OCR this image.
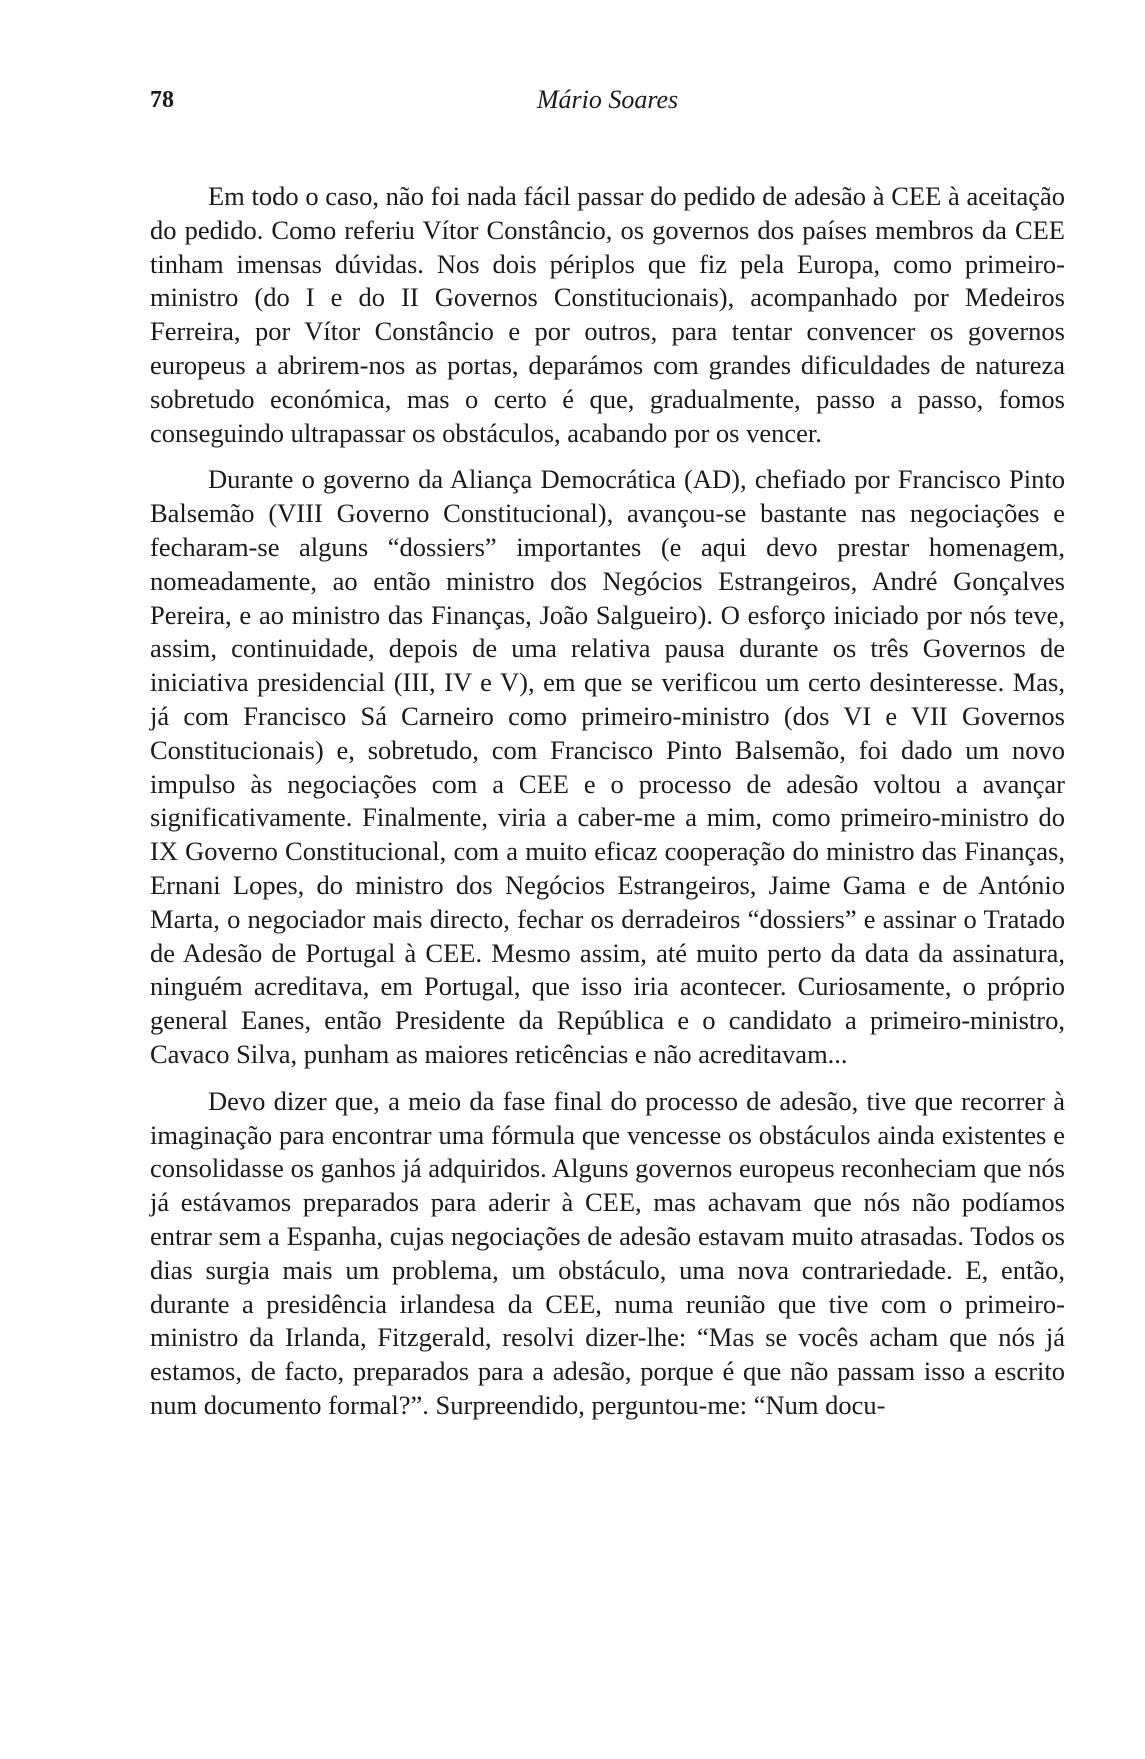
78	Mário Soares

Em todo o caso, não foi nada fácil passar do pedido de adesão à CEE à aceitação do pedido. Como referiu Vítor Constâncio, os governos dos países membros da CEE tinham imensas dúvidas. Nos dois périplos que fiz pela Europa, como primeiro-ministro (do I e do II Governos Constitucionais), acompanhado por Medeiros Ferreira, por Vítor Constâncio e por outros, para tentar convencer os governos europeus a abrirem-nos as portas, deparámos com grandes dificuldades de natureza sobretudo económica, mas o certo é que, gradualmente, passo a passo, fomos conseguindo ultrapassar os obstáculos, acabando por os vencer.

Durante o governo da Aliança Democrática (AD), chefiado por Francisco Pinto Balsemão (VIII Governo Constitucional), avançou-se bastante nas negociações e fecharam-se alguns “dossiers” importantes (e aqui devo prestar homenagem, nomeadamente, ao então ministro dos Negócios Estrangeiros, André Gonçalves Pereira, e ao ministro das Finanças, João Salgueiro). O esforço iniciado por nós teve, assim, continuidade, depois de uma relativa pausa durante os três Governos de iniciativa presidencial (III, IV e V), em que se verificou um certo desinteresse. Mas, já com Francisco Sá Carneiro como primeiro-ministro (dos VI e VII Governos Constitucionais) e, sobretudo, com Francisco Pinto Balsemão, foi dado um novo impulso às negociações com a CEE e o processo de adesão voltou a avançar significativamente. Finalmente, viria a caber-me a mim, como primeiro-ministro do IX Governo Constitucional, com a muito eficaz cooperação do ministro das Finanças, Ernani Lopes, do ministro dos Negócios Estrangeiros, Jaime Gama e de António Marta, o negociador mais directo, fechar os derradeiros “dossiers” e assinar o Tratado de Adesão de Portugal à CEE. Mesmo assim, até muito perto da data da assinatura, ninguém acreditava, em Portugal, que isso iria acontecer. Curiosamente, o próprio general Eanes, então Presidente da República e o candidato a primeiro-ministro, Cavaco Silva, punham as maiores reticências e não acreditavam...

Devo dizer que, a meio da fase final do processo de adesão, tive que recorrer à imaginação para encontrar uma fórmula que vencesse os obstáculos ainda existentes e consolidasse os ganhos já adquiridos. Alguns governos europeus reconheciam que nós já estávamos preparados para aderir à CEE, mas achavam que nós não podíamos entrar sem a Espanha, cujas negociações de adesão estavam muito atrasadas. Todos os dias surgia mais um problema, um obstáculo, uma nova contrariedade. E, então, durante a presidência irlandesa da CEE, numa reunião que tive com o primeiro-ministro da Irlanda, Fitzgerald, resolvi dizer-lhe: “Mas se vocês acham que nós já estamos, de facto, preparados para a adesão, porque é que não passam isso a escrito num documento formal?”. Surpreendido, perguntou-me: “Num docu-
